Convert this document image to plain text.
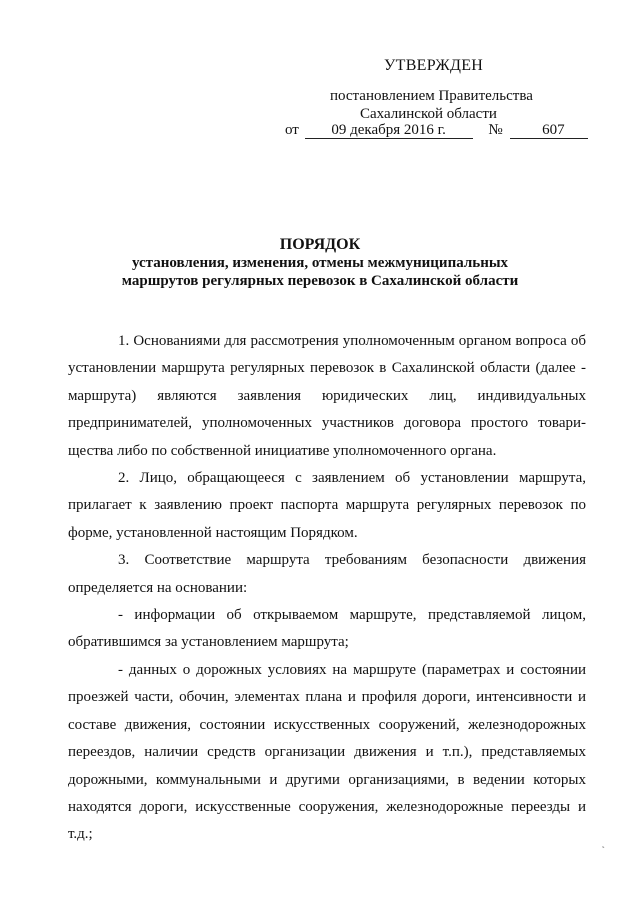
УТВЕРЖДЕН
постановлением Правительства
Сахалинской области
от 09 декабря 2016 г.	№	607
ПОРЯДОК
установления, изменения, отмены межмуниципальных
маршрутов регулярных перевозок в Сахалинской области

1. Основаниями для рассмотрения уполномоченным органом вопроса об установлении маршрута регулярных перевозок в Сахалинской области (далее - маршрута) являются заявления юридических лиц, индивидуальных предпринимателей, уполномоченных участников договора простого товари-щества либо по собственной инициативе уполномоченного органа.

2. Лицо, обращающееся с заявлением об установлении маршрута, прилагает к заявлению проект паспорта маршрута регулярных перевозок по форме, установленной настоящим Порядком.

3. Соответствие маршрута требованиям безопасности движения определяется на основании:

- информации об открываемом маршруте, представляемой лицом, обратившимся за установлением маршрута;

- данных о дорожных условиях на маршруте (параметрах и состоянии проезжей части, обочин, элементах плана и профиля дороги, интенсивности и составе движения, состоянии искусственных сооружений, железнодорожных переездов, наличии средств организации движения и т.п.), представляемых дорожными, коммунальными и другими организациями, в ведении которых находятся дороги, искусственные сооружения, железнодорожные переезды и т.д.;

˛
